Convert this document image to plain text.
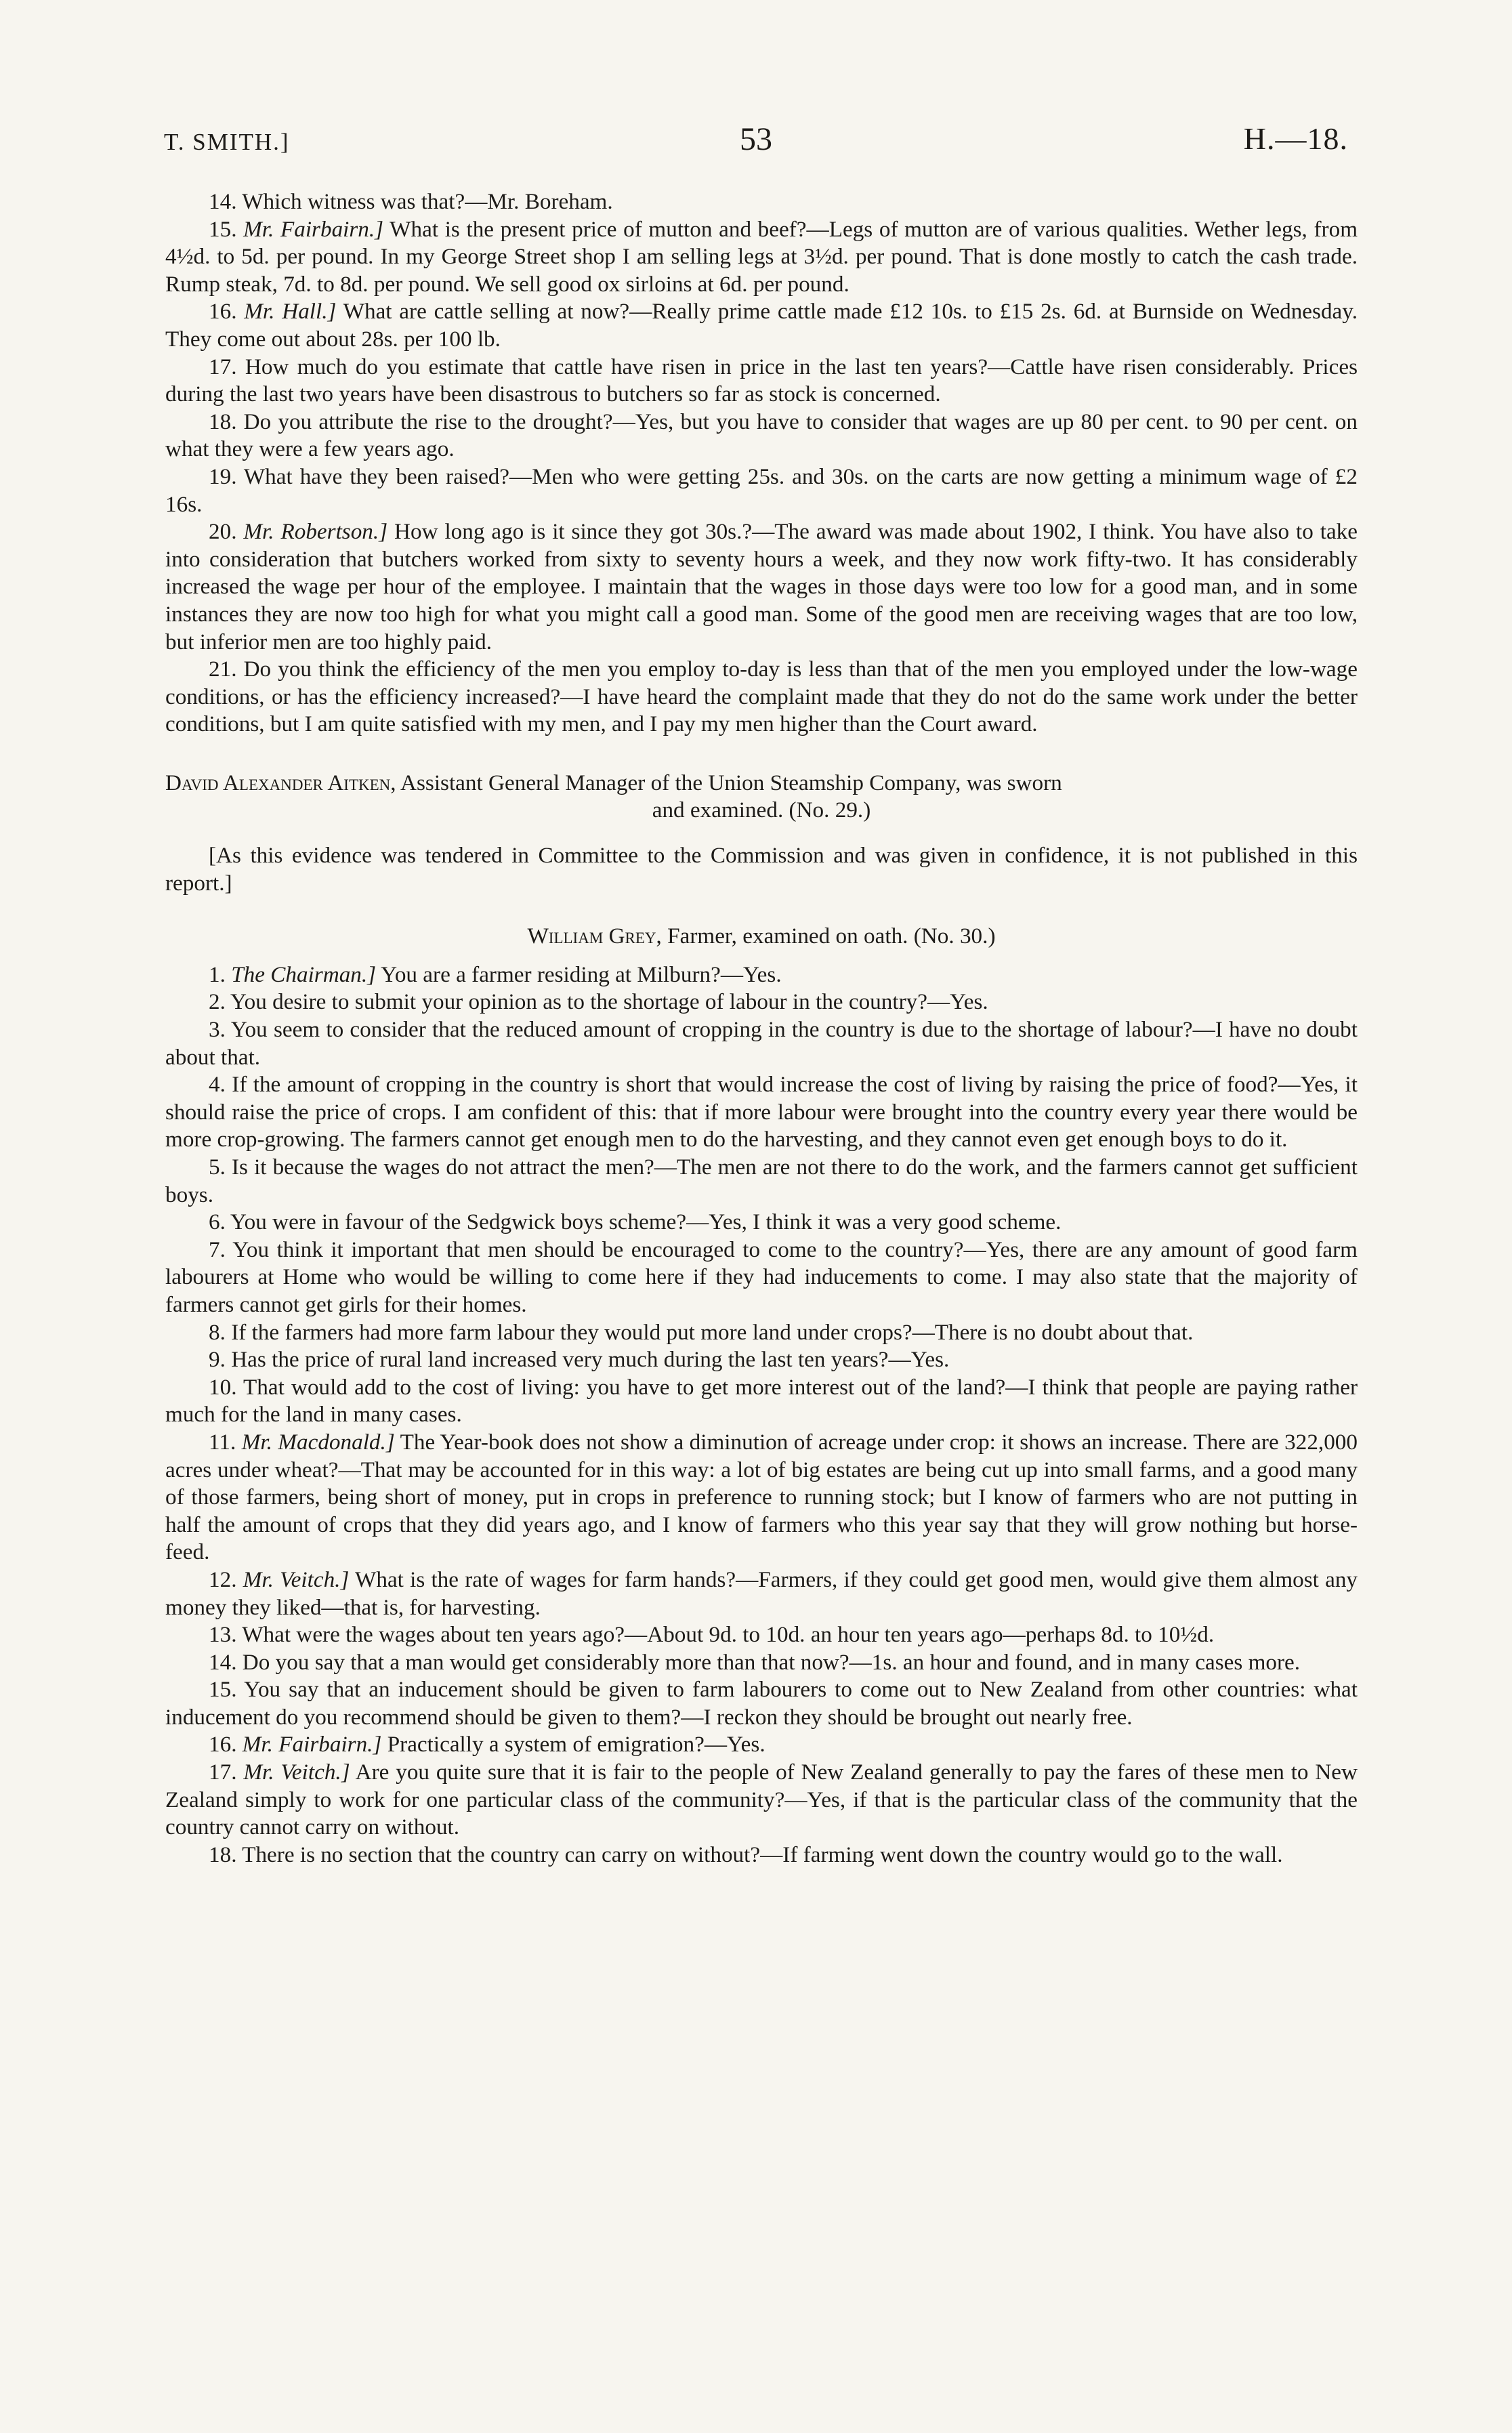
T. SMITH.]	53	H.—18.

14. Which witness was that?—Mr. Boreham.

15. Mr. Fairbairn.] What is the present price of mutton and beef?—Legs of mutton are of various qualities. Wether legs, from 4½d. to 5d. per pound. In my George Street shop I am selling legs at 3½d. per pound. That is done mostly to catch the cash trade. Rump steak, 7d. to 8d. per pound. We sell good ox sirloins at 6d. per pound.

16. Mr. Hall.] What are cattle selling at now?—Really prime cattle made £12 10s. to £15 2s. 6d. at Burnside on Wednesday. They come out about 28s. per 100 lb.

17. How much do you estimate that cattle have risen in price in the last ten years?—Cattle have risen considerably. Prices during the last two years have been disastrous to butchers so far as stock is concerned.

18. Do you attribute the rise to the drought?—Yes, but you have to consider that wages are up 80 per cent. to 90 per cent. on what they were a few years ago.

19. What have they been raised?—Men who were getting 25s. and 30s. on the carts are now getting a minimum wage of £2 16s.

20. Mr. Robertson.] How long ago is it since they got 30s.?—The award was made about 1902, I think. You have also to take into consideration that butchers worked from sixty to seventy hours a week, and they now work fifty-two. It has considerably increased the wage per hour of the employee. I maintain that the wages in those days were too low for a good man, and in some instances they are now too high for what you might call a good man. Some of the good men are receiving wages that are too low, but inferior men are too highly paid.

21. Do you think the efficiency of the men you employ to-day is less than that of the men you employed under the low-wage conditions, or has the efficiency increased?—I have heard the complaint made that they do not do the same work under the better conditions, but I am quite satisfied with my men, and I pay my men higher than the Court award.

David Alexander Aitken, Assistant General Manager of the Union Steamship Company, was sworn

and examined. (No. 29.)

[As this evidence was tendered in Committee to the Commission and was given in confidence, it is not published in this report.]

William Grey, Farmer, examined on oath. (No. 30.)

1. The Chairman.] You are a farmer residing at Milburn?—Yes.

2. You desire to submit your opinion as to the shortage of labour in the country?—Yes.

3. You seem to consider that the reduced amount of cropping in the country is due to the shortage of labour?—I have no doubt about that.

4. If the amount of cropping in the country is short that would increase the cost of living by raising the price of food?—Yes, it should raise the price of crops. I am confident of this: that if more labour were brought into the country every year there would be more crop-growing. The farmers cannot get enough men to do the harvesting, and they cannot even get enough boys to do it.

5. Is it because the wages do not attract the men?—The men are not there to do the work, and the farmers cannot get sufficient boys.

6. You were in favour of the Sedgwick boys scheme?—Yes, I think it was a very good scheme.

7. You think it important that men should be encouraged to come to the country?—Yes, there are any amount of good farm labourers at Home who would be willing to come here if they had inducements to come. I may also state that the majority of farmers cannot get girls for their homes.

8. If the farmers had more farm labour they would put more land under crops?—There is no doubt about that.

9. Has the price of rural land increased very much during the last ten years?—Yes.

10. That would add to the cost of living: you have to get more interest out of the land?—I think that people are paying rather much for the land in many cases.

11. Mr. Macdonald.] The Year-book does not show a diminution of acreage under crop: it shows an increase. There are 322,000 acres under wheat?—That may be accounted for in this way: a lot of big estates are being cut up into small farms, and a good many of those farmers, being short of money, put in crops in preference to running stock; but I know of farmers who are not putting in half the amount of crops that they did years ago, and I know of farmers who this year say that they will grow nothing but horse-feed.

12. Mr. Veitch.] What is the rate of wages for farm hands?—Farmers, if they could get good men, would give them almost any money they liked—that is, for harvesting.

13. What were the wages about ten years ago?—About 9d. to 10d. an hour ten years ago—perhaps 8d. to 10½d.

14. Do you say that a man would get considerably more than that now?—1s. an hour and found, and in many cases more.

15. You say that an inducement should be given to farm labourers to come out to New Zealand from other countries: what inducement do you recommend should be given to them?—I reckon they should be brought out nearly free.

16. Mr. Fairbairn.] Practically a system of emigration?—Yes.

17. Mr. Veitch.] Are you quite sure that it is fair to the people of New Zealand generally to pay the fares of these men to New Zealand simply to work for one particular class of the community?—Yes, if that is the particular class of the community that the country cannot carry on without.

18. There is no section that the country can carry on without?—If farming went down the country would go to the wall.
